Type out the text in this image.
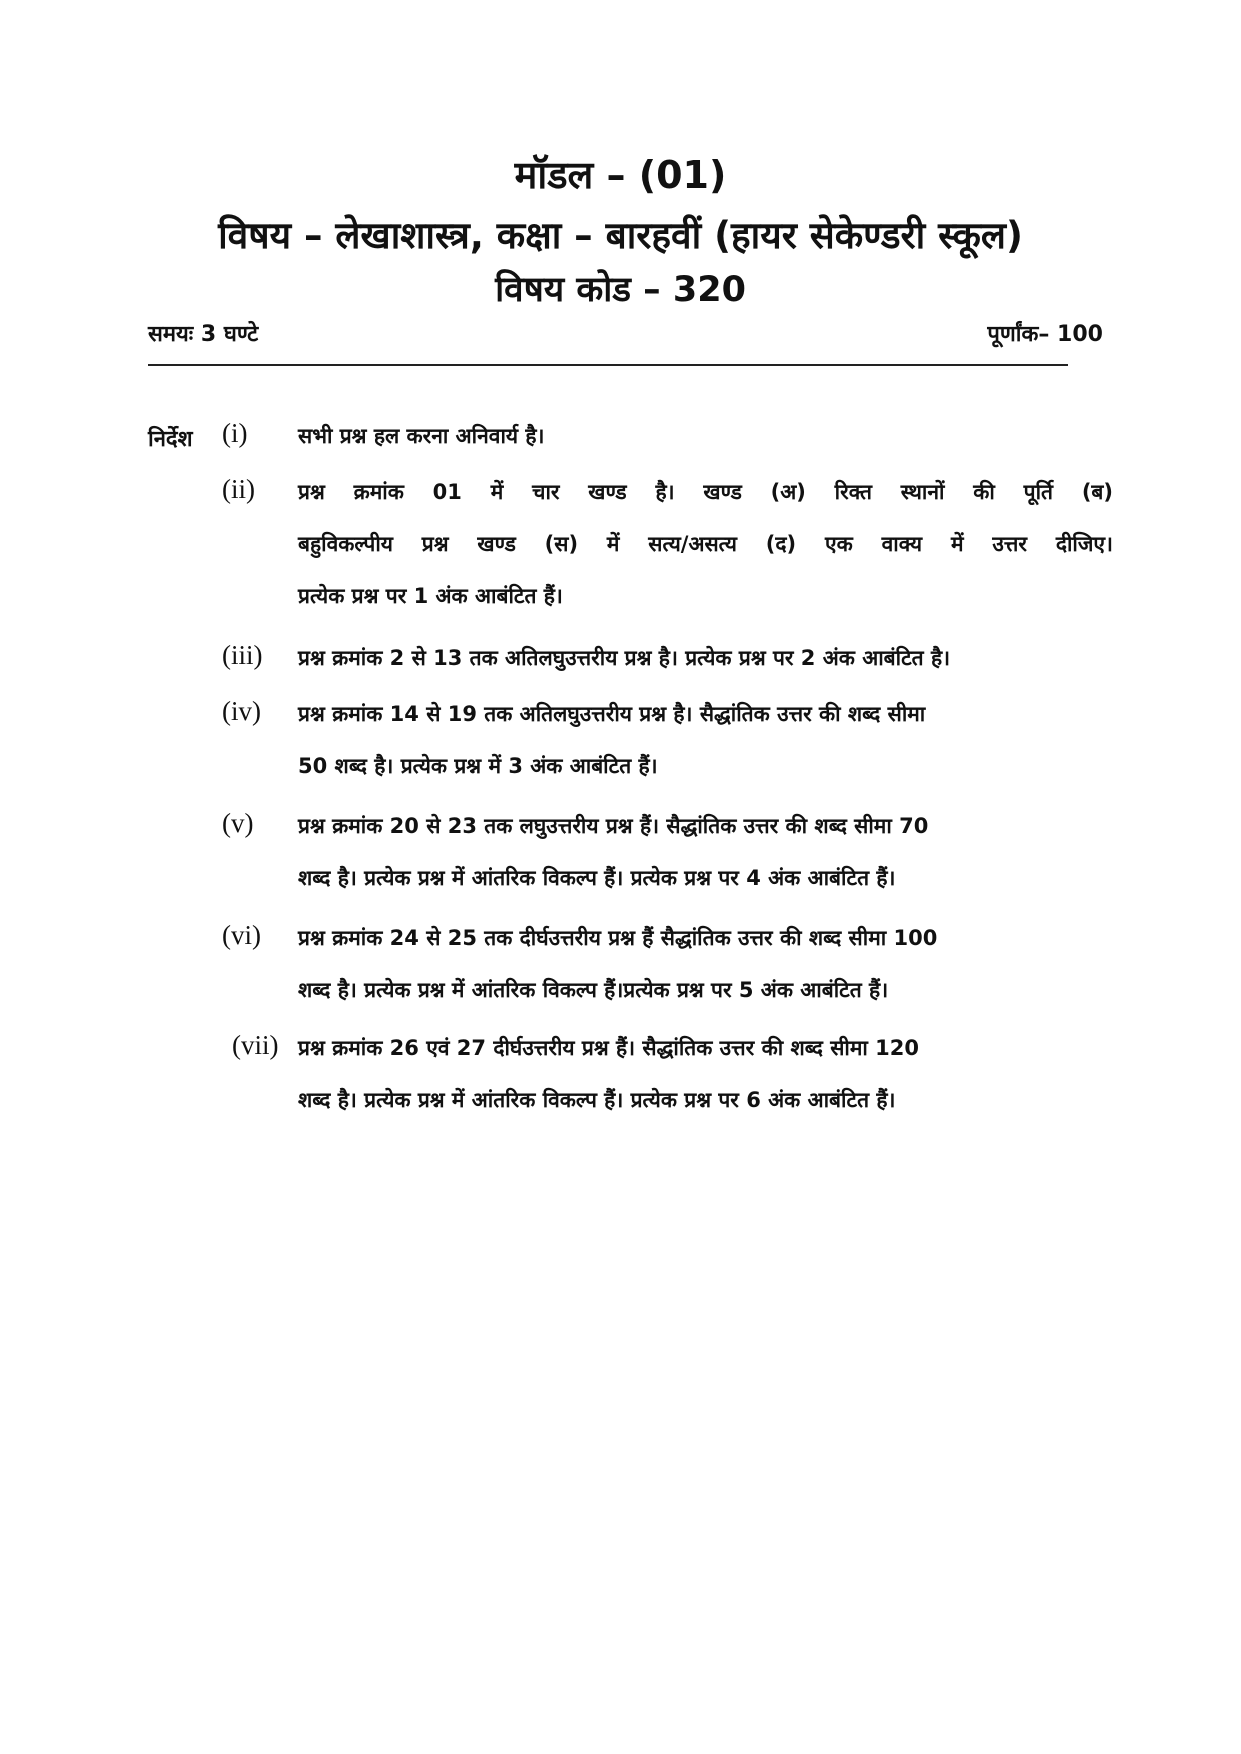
मॉडल – (01)
विषय – लेखाशास्त्र, कक्षा – बारहवीं (हायर सेकेण्डरी स्कूल)
विषय कोड – 320
समयः 3 घण्टे	पूर्णांक– 100
निर्देश (i) सभी प्रश्न हल करना अनिवार्य है।
(ii) प्रश्न क्रमांक 01 में चार खण्ड है। खण्ड (अ) रिक्त स्थानों की पूर्ति (ब)
बहुविकल्पीय प्रश्न खण्ड (स) में सत्य/असत्य (द) एक वाक्य में उत्तर दीजिए।
प्रत्येक प्रश्न पर 1 अंक आबंटित हैं।
(iii) प्रश्न क्रमांक 2 से 13 तक अतिलघुउत्तरीय प्रश्न है। प्रत्येक प्रश्न पर 2 अंक आबंटित है।
(iv) प्रश्न क्रमांक 14 से 19 तक अतिलघुउत्तरीय प्रश्न है। सैद्धांतिक उत्तर की शब्द सीमा
50 शब्द है। प्रत्येक प्रश्न में 3 अंक आबंटित हैं।
(v) प्रश्न क्रमांक 20 से 23 तक लघुउत्तरीय प्रश्न हैं। सैद्धांतिक उत्तर की शब्द सीमा 70
शब्द है। प्रत्येक प्रश्न में आंतरिक विकल्प हैं। प्रत्येक प्रश्न पर 4 अंक आबंटित हैं।
(vi) प्रश्न क्रमांक 24 से 25 तक दीर्घउत्तरीय प्रश्न हैं सैद्धांतिक उत्तर की शब्द सीमा 100
शब्द है। प्रत्येक प्रश्न में आंतरिक विकल्प हैं।प्रत्येक प्रश्न पर 5 अंक आबंटित हैं।
(vii) प्रश्न क्रमांक 26 एवं 27 दीर्घउत्तरीय प्रश्न हैं। सैद्धांतिक उत्तर की शब्द सीमा 120
शब्द है। प्रत्येक प्रश्न में आंतरिक विकल्प हैं। प्रत्येक प्रश्न पर 6 अंक आबंटित हैं।
